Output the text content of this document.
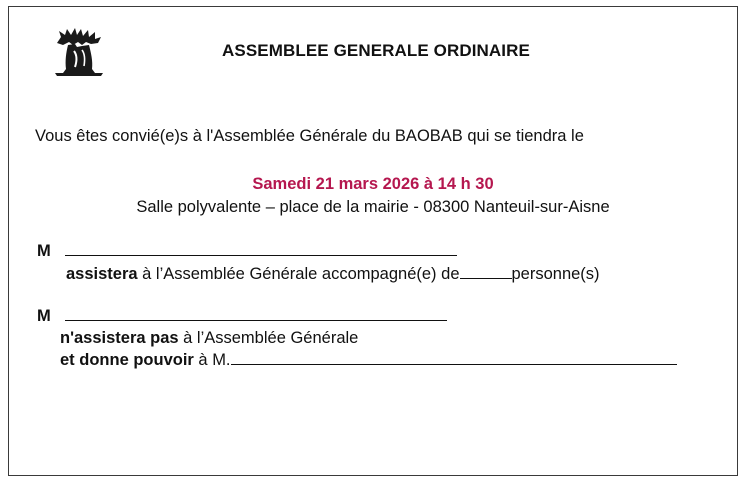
ASSEMBLEE GENERALE ORDINAIRE
Vous êtes convié(e)s à l'Assemblée Générale du BAOBAB qui se tiendra le
Samedi 21 mars 2026 à 14 h 30
Salle polyvalente – place de la mairie - 08300 Nanteuil-sur-Aisne
M
assistera à l’Assemblée Générale accompagné(e) de	personne(s)
M
n'assistera pas à l’Assemblée Générale
et donne pouvoir à M.
